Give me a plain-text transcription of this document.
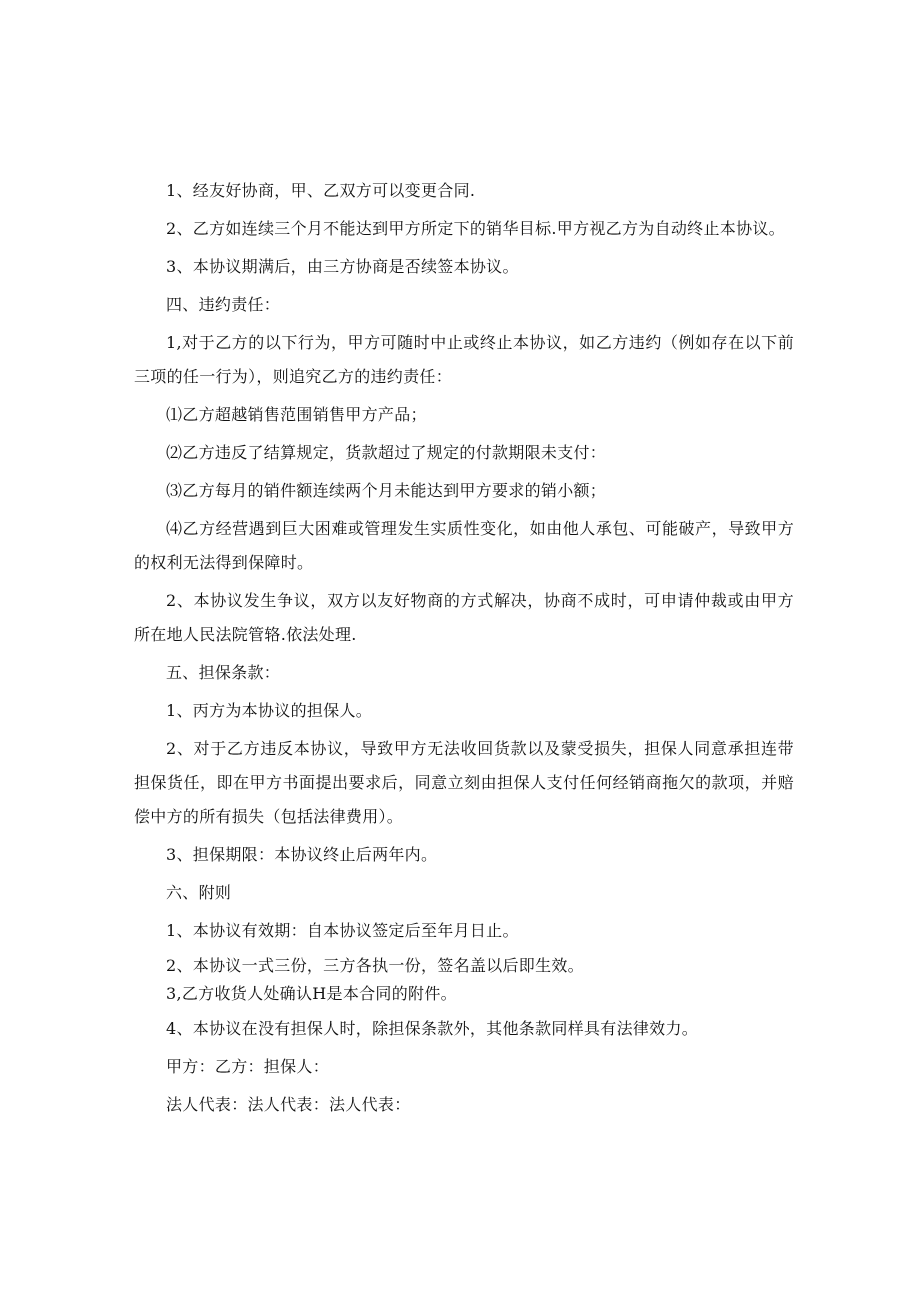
1、经友好协商，甲、乙双方可以变更合同.

2、乙方如连续三个月不能达到甲方所定下的销华目标.甲方视乙方为自动终止本协议。

3、本协议期满后，由三方协商是否续签本协议。

四、违约责任：

1,对于乙方的以下行为，甲方可随时中止或终止本协议，如乙方违约（例如存在以下前三项的任一行为），则追究乙方的违约责任：

⑴乙方超越销售范围销售甲方产品；

⑵乙方违反了结算规定，货款超过了规定的付款期限未支付：

⑶乙方每月的销件额连续两个月未能达到甲方要求的销小额；

⑷乙方经营遇到巨大困难或管理发生实质性变化，如由他人承包、可能破产，导致甲方的权利无法得到保障时。

2、本协议发生争议，双方以友好物商的方式解决，协商不成时，可申请仲裁或由甲方所在地人民法院管辂.依法处理.

五、担保条款：

1、丙方为本协议的担保人。

2、对于乙方违反本协议，导致甲方无法收回货款以及蒙受损失，担保人同意承担连带担保货任，即在甲方书面提出要求后，同意立刻由担保人支付任何经销商拖欠的款项，并赔偿中方的所有损失（包括法律费用）。

3、担保期限：本协议终止后两年内。

六、附则

1、本协议有效期：自本协议签定后至年月日止。

2、本协议一式三份，三方各执一份，签名盖以后即生效。

3,乙方收货人处确认H是本合同的附件。

4、本协议在没有担保人时，除担保条款外，其他条款同样具有法律效力。

甲方：乙方：担保人：

法人代表：法人代表：法人代表：
